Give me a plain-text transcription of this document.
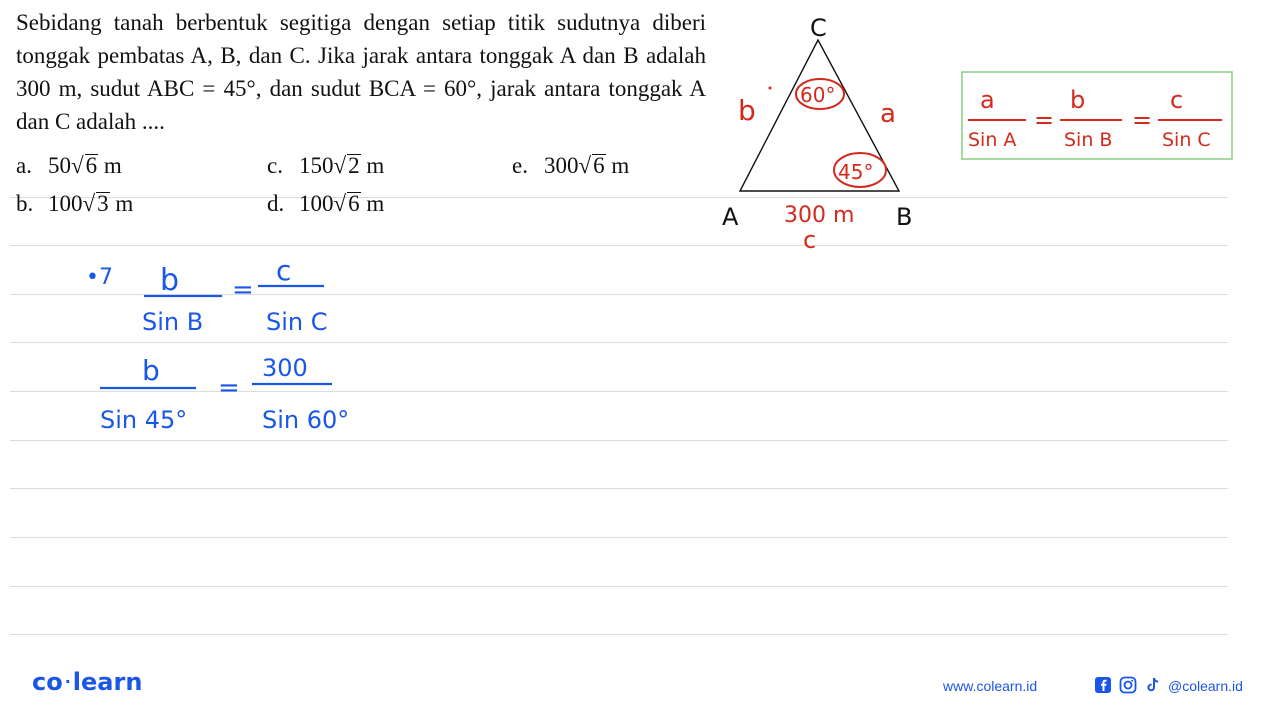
Sebidang tanah berbentuk segitiga dengan setiap titik sudutnya diberi tonggak pembatas A, B, dan C. Jika jarak antara tonggak A dan B adalah 300 m, sudut ABC = 45°, dan sudut BCA = 60°, jarak antara tonggak A dan C adalah ....
a. 50√6 m	c. 150√2 m	e. 300√6 m
b. 100√3 m	d. 100√6 m
C
A	B
b	a
60°
45°
300 m
c
a
Sin A
=
b
Sin B
=
c
Sin C
•7 b
Sin B
=
c
Sin C
b
Sin 45°
=
300
Sin 60°
co ·learn	www.colearn.id	@colearn.id
